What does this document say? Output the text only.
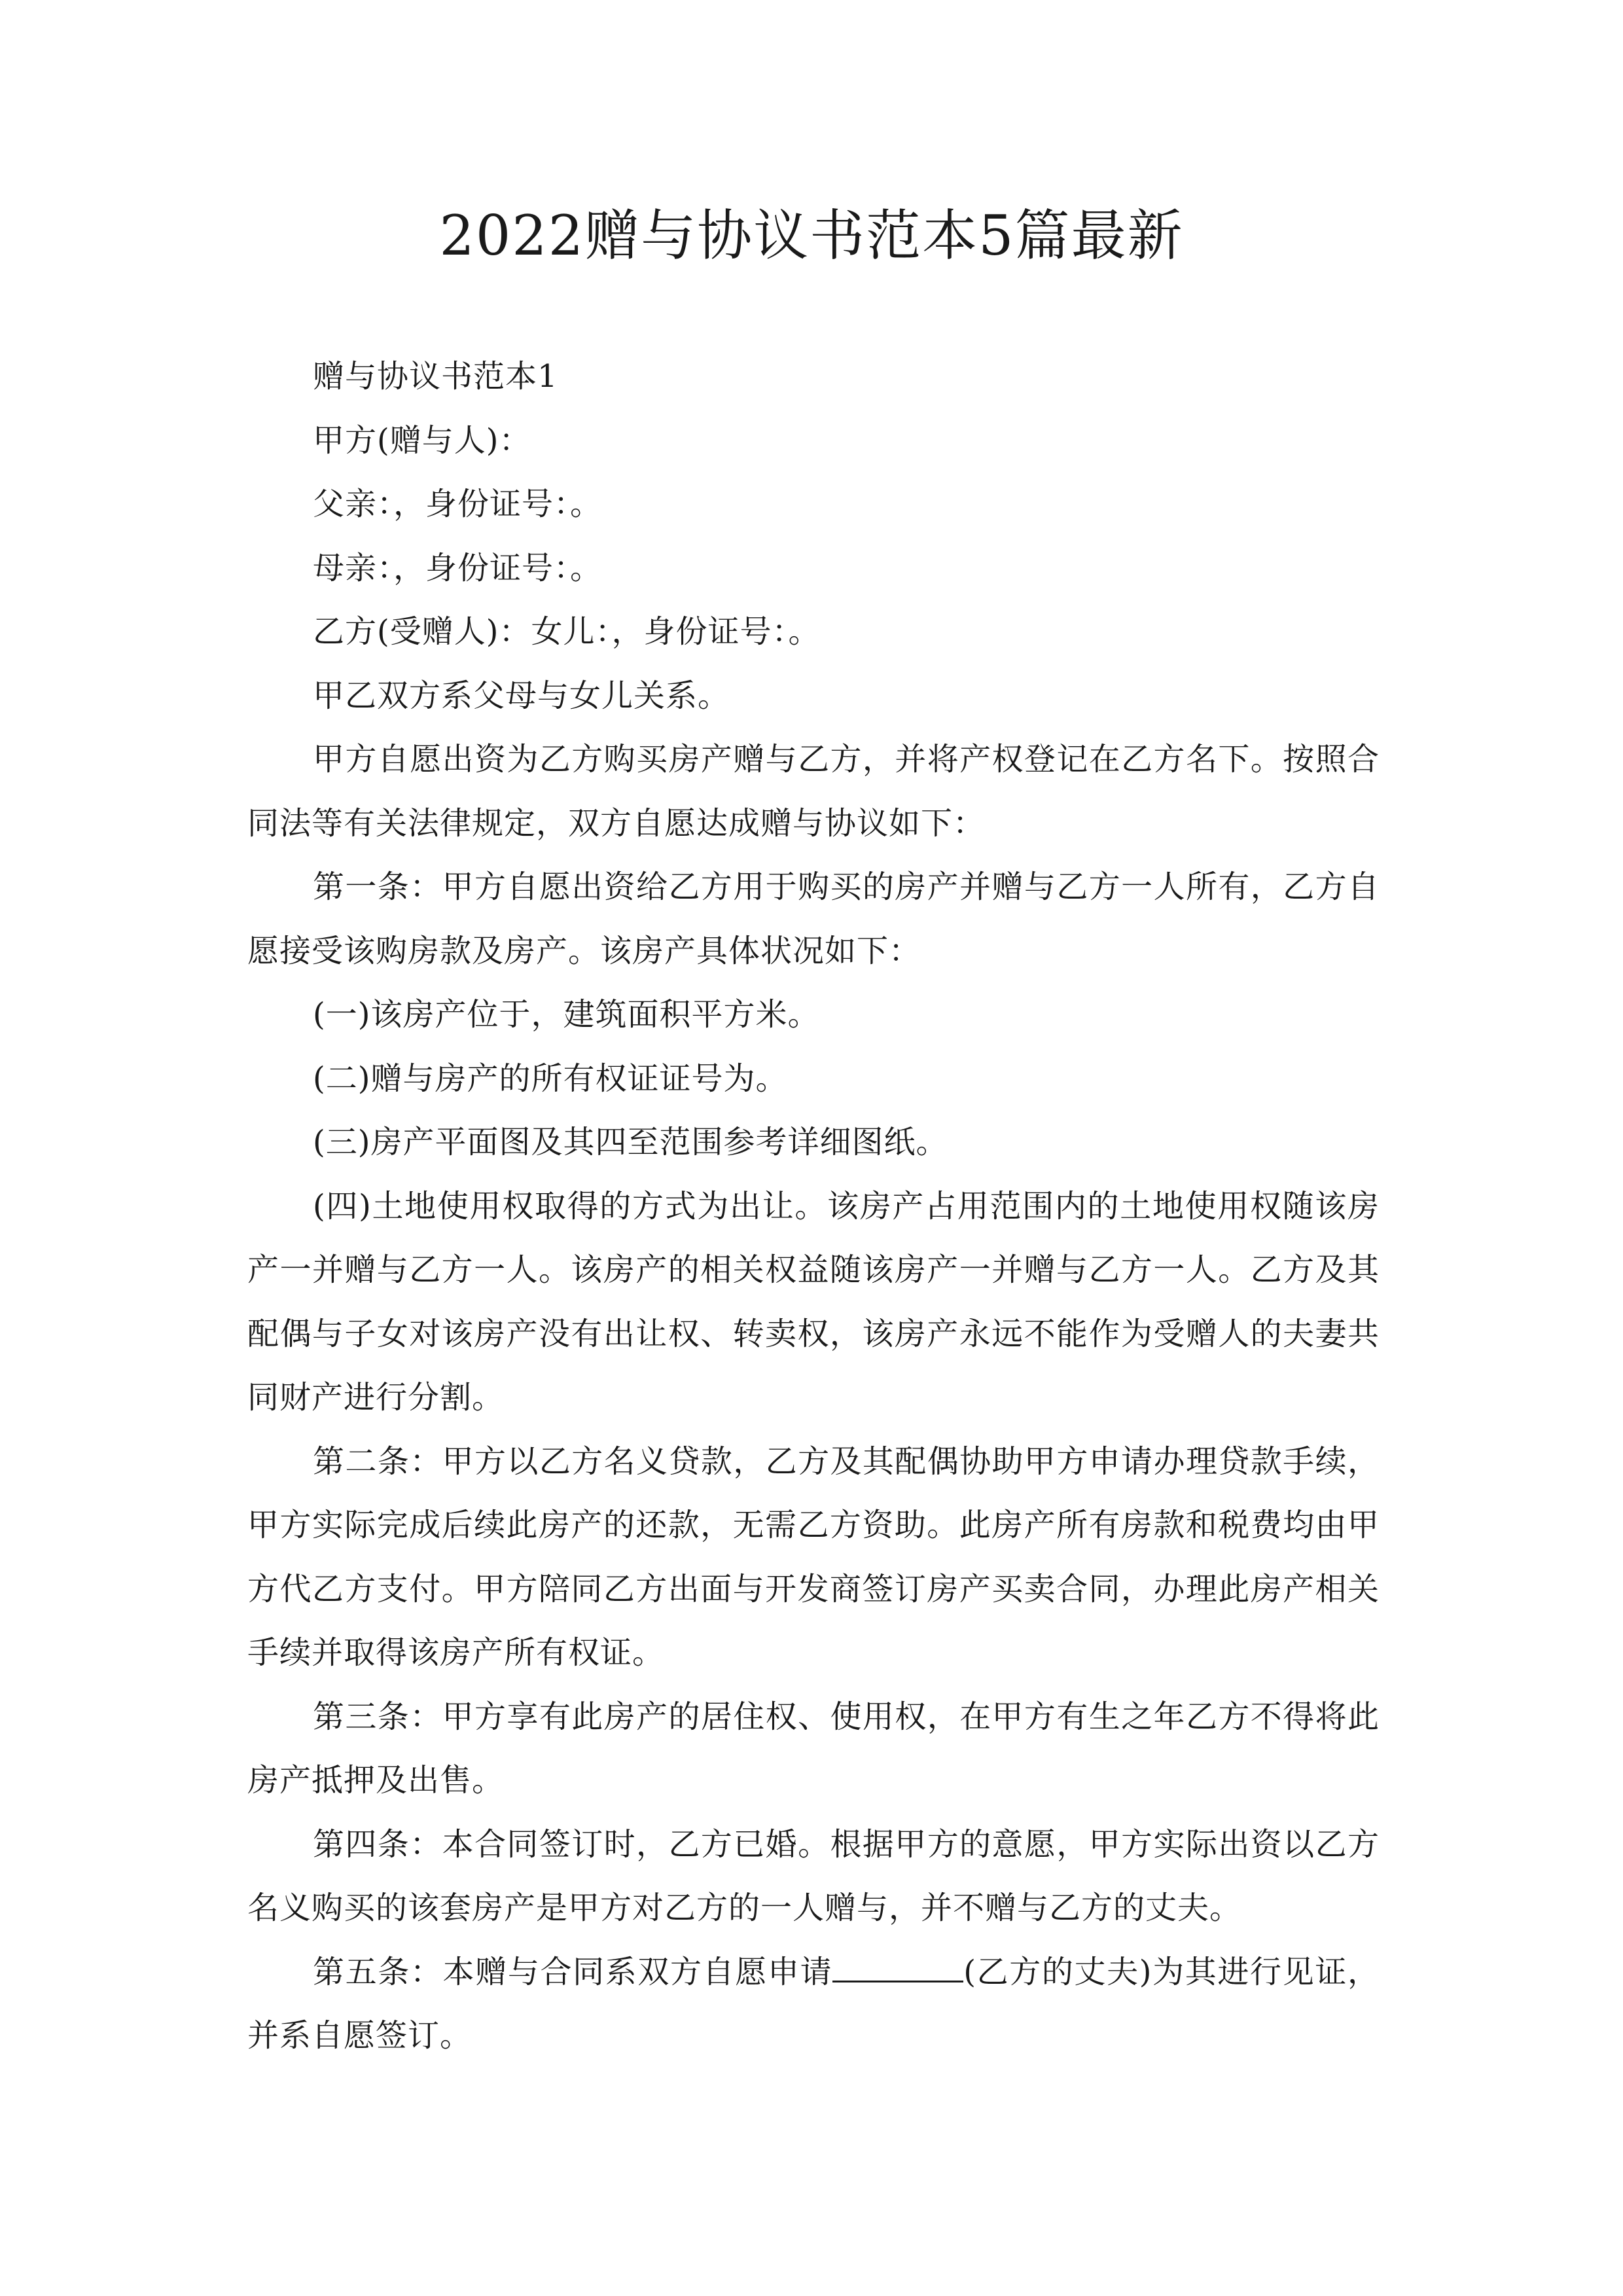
2022赠与协议书范本5篇最新

赠与协议书范本1

甲方(赠与人)：

父亲：，身份证号：。

母亲：，身份证号：。

乙方(受赠人)：女儿：，身份证号：。

甲乙双方系父母与女儿关系。

甲方自愿出资为乙方购买房产赠与乙方，并将产权登记在乙方名下。按照合同法等有关法律规定，双方自愿达成赠与协议如下：

第一条：甲方自愿出资给乙方用于购买的房产并赠与乙方一人所有，乙方自愿接受该购房款及房产。该房产具体状况如下：

(一)该房产位于，建筑面积平方米。

(二)赠与房产的所有权证证号为。

(三)房产平面图及其四至范围参考详细图纸。

(四)土地使用权取得的方式为出让。该房产占用范围内的土地使用权随该房产一并赠与乙方一人。该房产的相关权益随该房产一并赠与乙方一人。乙方及其配偶与子女对该房产没有出让权、转卖权，该房产永远不能作为受赠人的夫妻共同财产进行分割。

第二条：甲方以乙方名义贷款，乙方及其配偶协助甲方申请办理贷款手续，甲方实际完成后续此房产的还款，无需乙方资助。此房产所有房款和税费均由甲方代乙方支付。甲方陪同乙方出面与开发商签订房产买卖合同，办理此房产相关手续并取得该房产所有权证。

第三条：甲方享有此房产的居住权、使用权，在甲方有生之年乙方不得将此房产抵押及出售。

第四条：本合同签订时，乙方已婚。根据甲方的意愿，甲方实际出资以乙方名义购买的该套房产是甲方对乙方的一人赠与，并不赠与乙方的丈夫。

第五条：本赠与合同系双方自愿申请	(乙方的丈夫)为其进行见证，并系自愿签订。
